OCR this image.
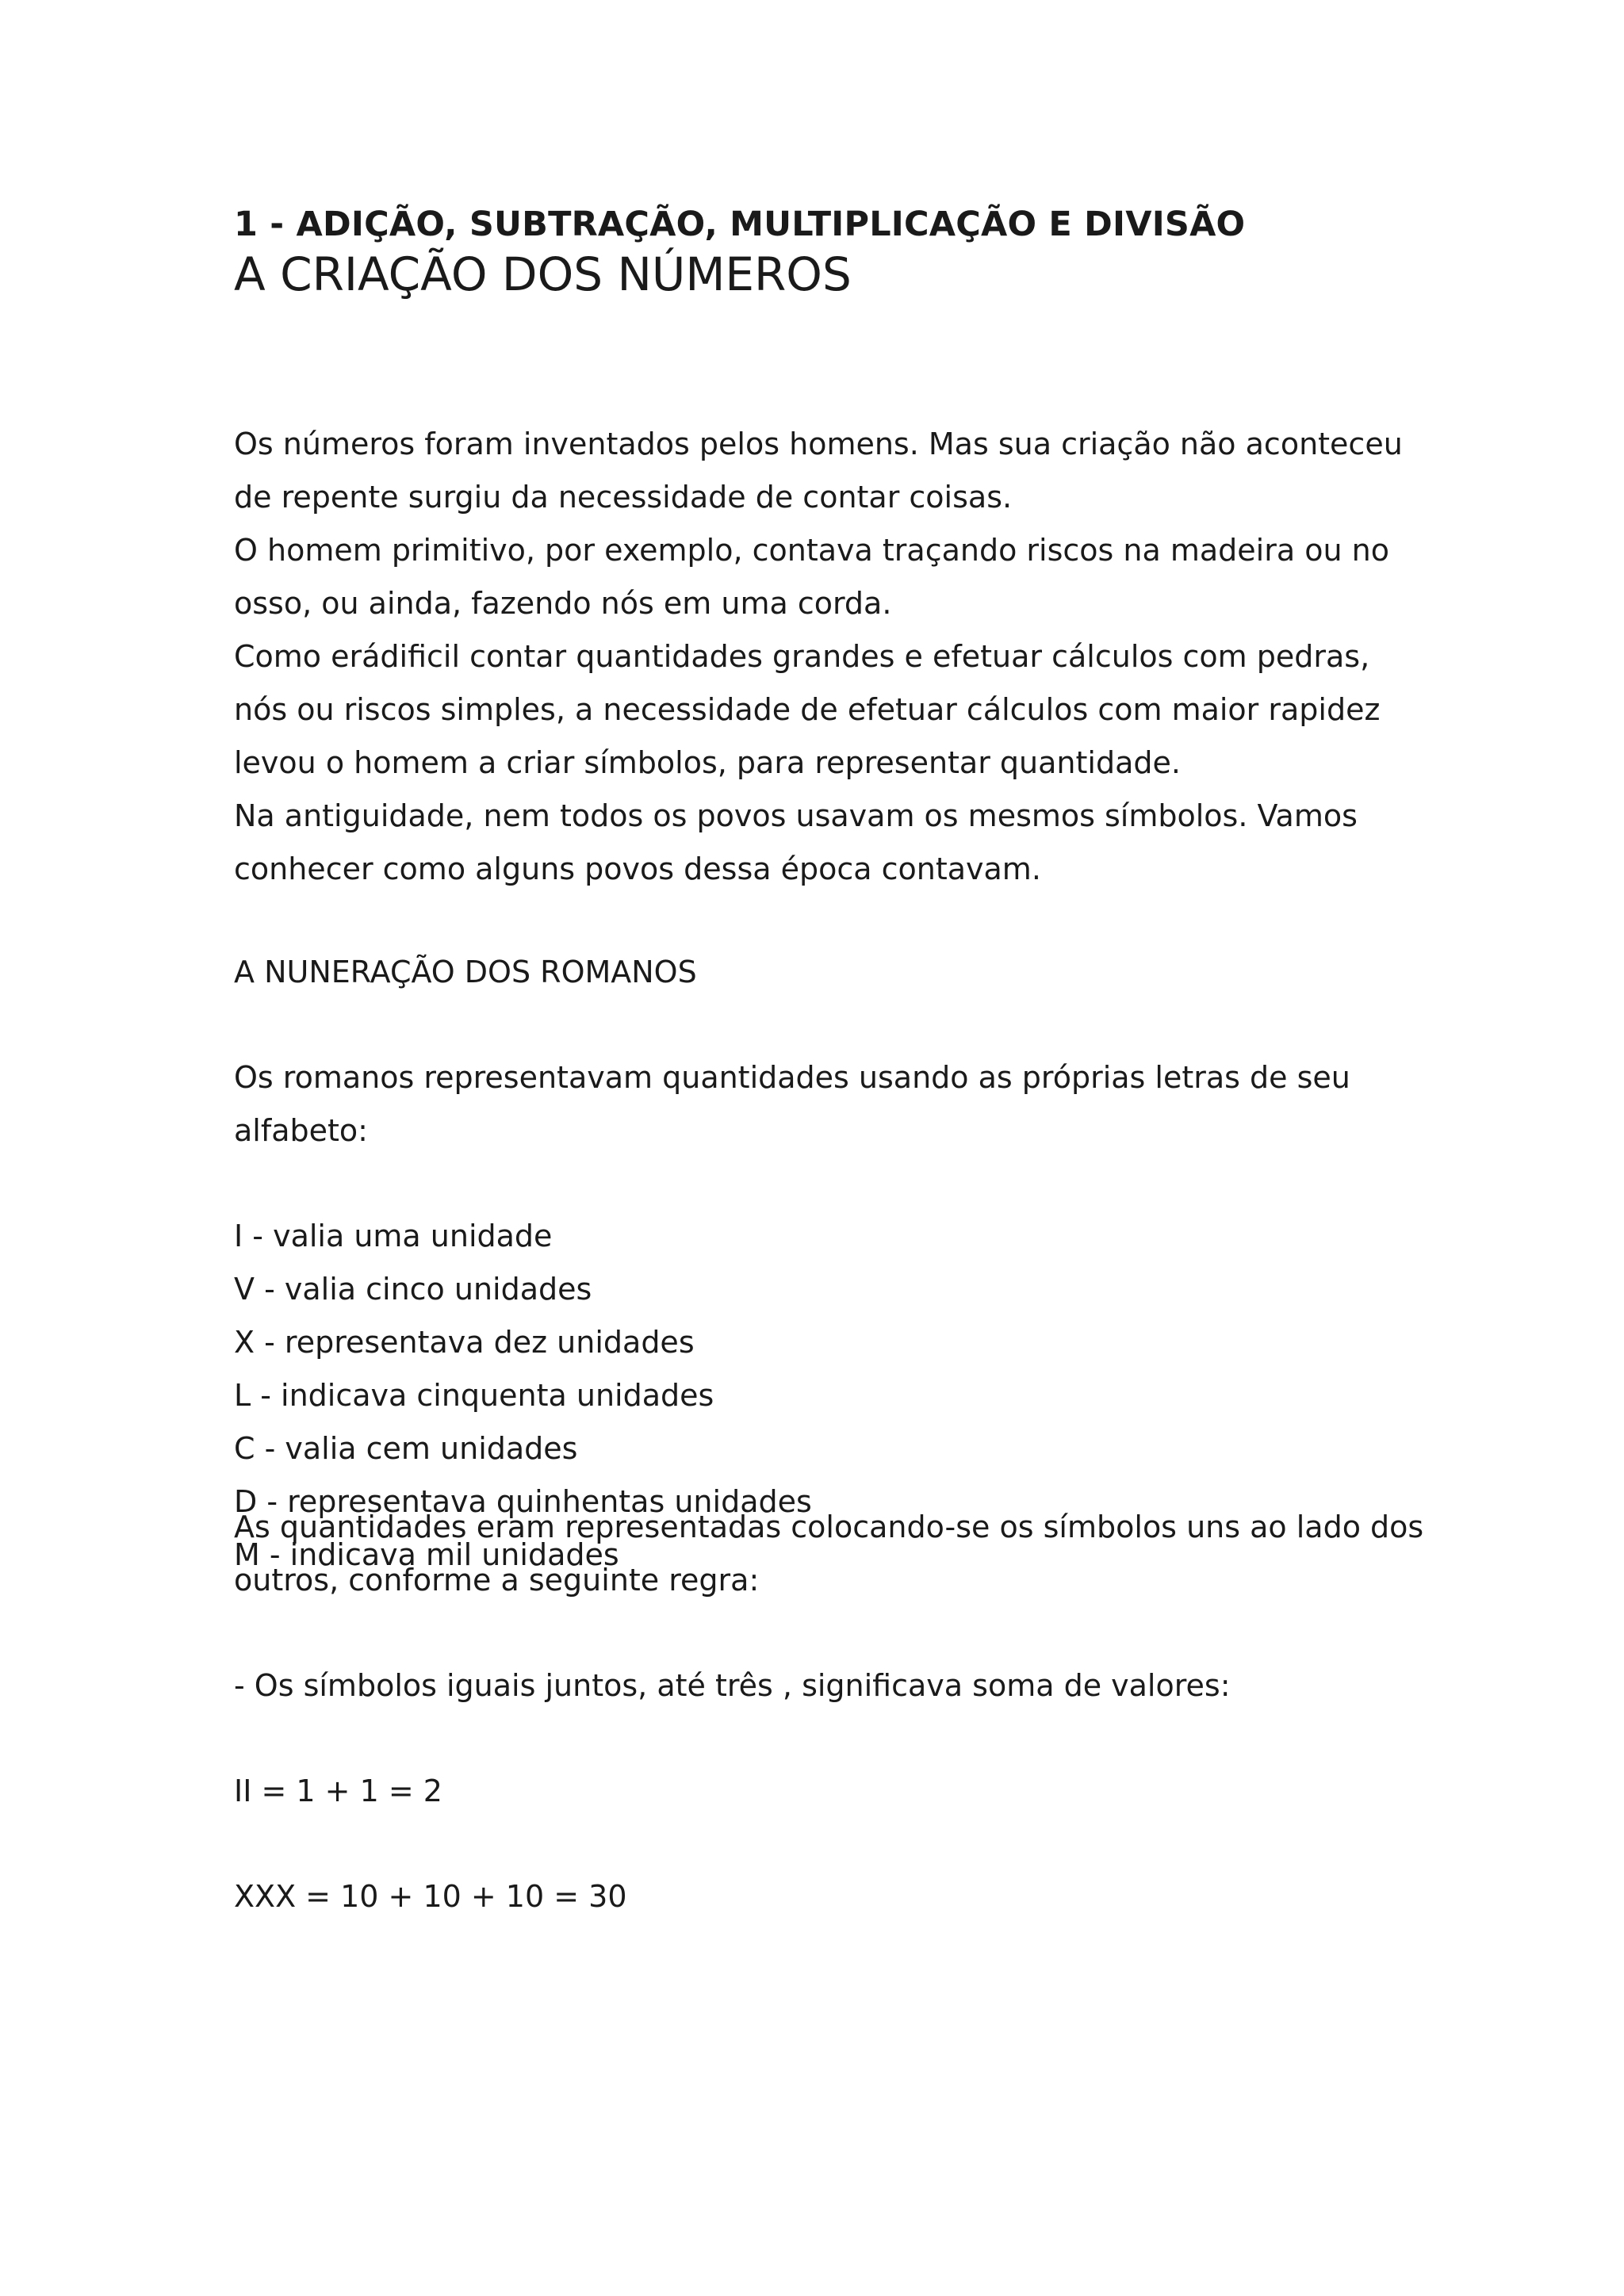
1 - ADIÇÃO, SUBTRAÇÃO, MULTIPLICAÇÃO E DIVISÃO
A CRIAÇÃO DOS NÚMEROS
Os números foram inventados pelos homens. Mas sua criação não aconteceu
de repente surgiu da necessidade de contar coisas.
O homem primitivo, por exemplo, contava traçando riscos na madeira ou no
osso, ou ainda, fazendo nós em uma corda.
Como erádificil contar quantidades grandes e efetuar cálculos com pedras,
nós ou riscos simples, a necessidade de efetuar cálculos com maior rapidez
levou o homem a criar símbolos, para representar quantidade.
Na antiguidade, nem todos os povos usavam os mesmos símbolos. Vamos
conhecer como alguns povos dessa época contavam.
A NUNERAÇÃO DOS ROMANOS
Os romanos representavam quantidades usando as próprias letras de seu
alfabeto:
I - valia uma unidade
V - valia cinco unidades
X - representava dez unidades
L - indicava cinquenta unidades
C - valia cem unidades
D - representava quinhentas unidades
M - indicava mil unidades
As quantidades eram representadas colocando-se os símbolos uns ao lado dos
outros, conforme a seguinte regra:
- Os símbolos iguais juntos, até três , significava soma de valores:
II = 1 + 1 = 2
XXX = 10 + 10 + 10 = 30
